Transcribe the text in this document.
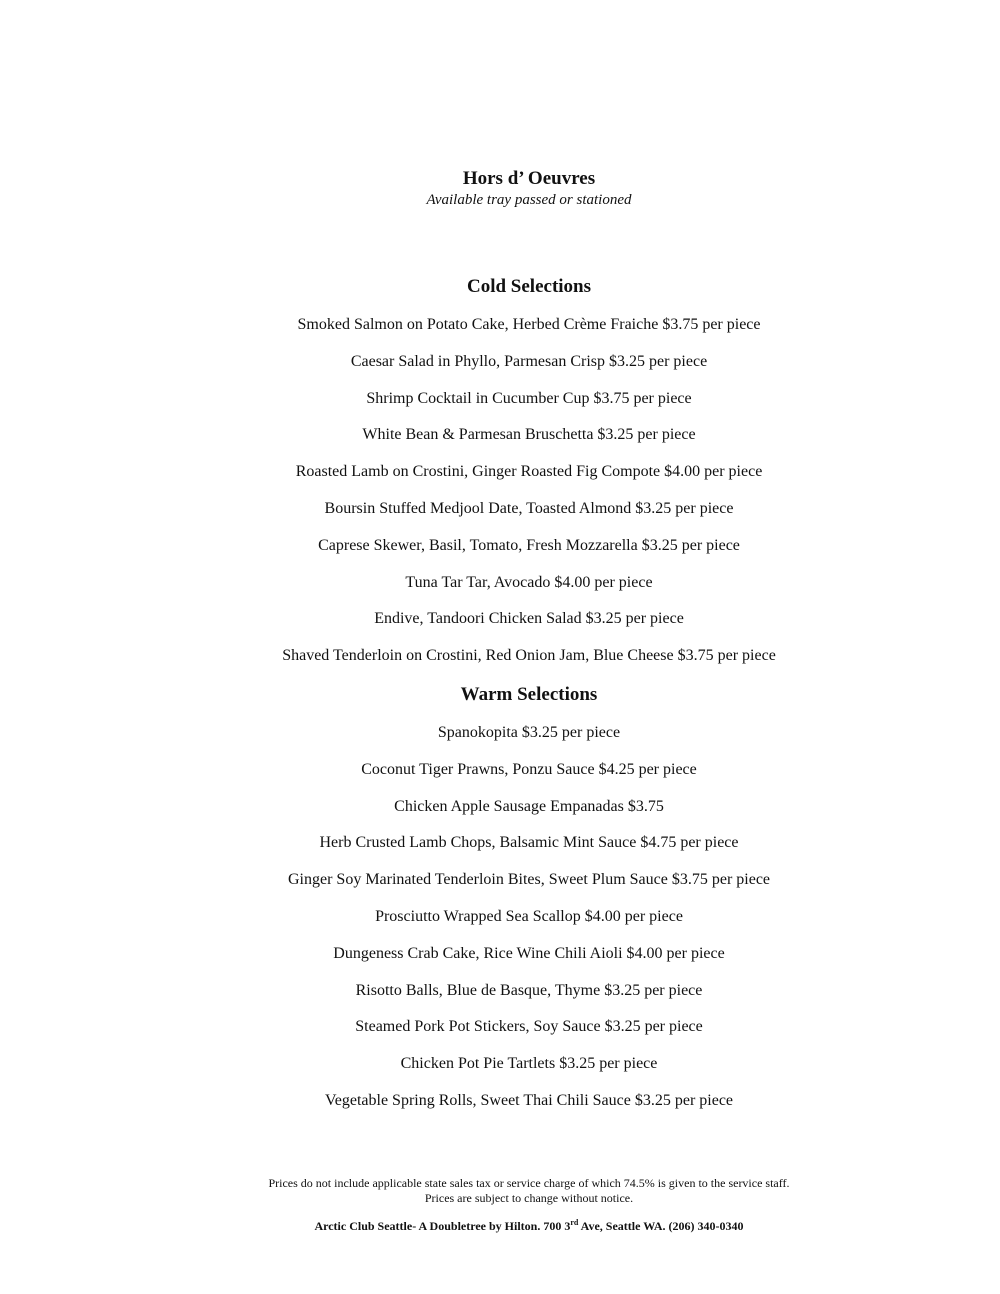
Hors d’ Oeuvres
Available tray passed or stationed
Cold Selections
Smoked Salmon on Potato Cake, Herbed Crème Fraiche $3.75 per piece
Caesar Salad in Phyllo, Parmesan Crisp $3.25 per piece
Shrimp Cocktail in Cucumber Cup $3.75 per piece
White Bean & Parmesan Bruschetta $3.25 per piece
Roasted Lamb on Crostini, Ginger Roasted Fig Compote $4.00 per piece
Boursin Stuffed Medjool Date, Toasted Almond $3.25 per piece
Caprese Skewer, Basil, Tomato, Fresh Mozzarella $3.25 per piece
Tuna Tar Tar, Avocado $4.00 per piece
Endive, Tandoori Chicken Salad $3.25 per piece
Shaved Tenderloin on Crostini, Red Onion Jam, Blue Cheese $3.75 per piece
Warm Selections
Spanokopita $3.25 per piece
Coconut Tiger Prawns, Ponzu Sauce $4.25 per piece
Chicken Apple Sausage Empanadas $3.75
Herb Crusted Lamb Chops, Balsamic Mint Sauce $4.75 per piece
Ginger Soy Marinated Tenderloin Bites, Sweet Plum Sauce $3.75 per piece
Prosciutto Wrapped Sea Scallop $4.00 per piece
Dungeness Crab Cake, Rice Wine Chili Aioli $4.00 per piece
Risotto Balls, Blue de Basque, Thyme $3.25 per piece
Steamed Pork Pot Stickers, Soy Sauce $3.25 per piece
Chicken Pot Pie Tartlets $3.25 per piece
Vegetable Spring Rolls, Sweet Thai Chili Sauce $3.25 per piece
Prices do not include applicable state sales tax or service charge of which 74.5% is given to the service staff.
Prices are subject to change without notice.
Arctic Club Seattle- A Doubletree by Hilton. 700 3rd Ave, Seattle WA. (206) 340-0340
